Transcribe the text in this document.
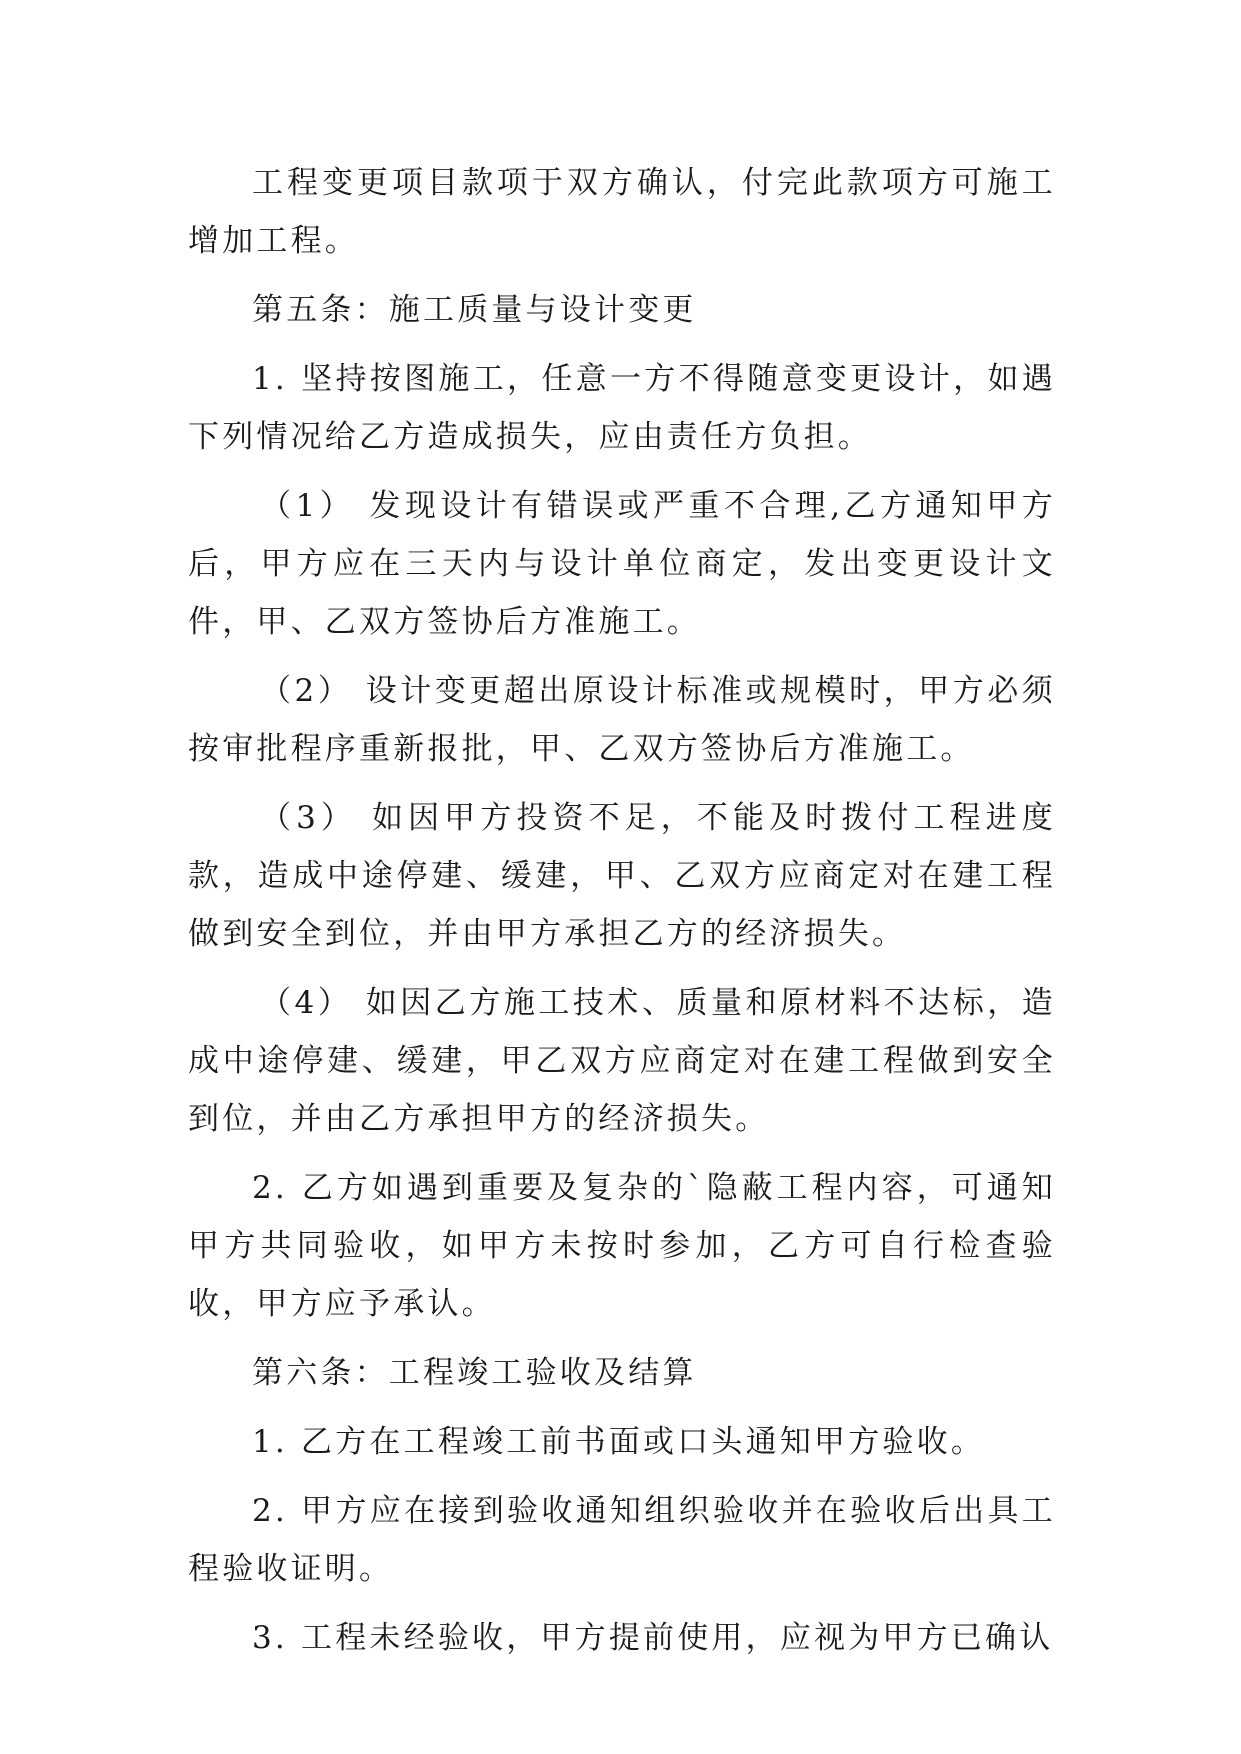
工程变更项目款项于双方确认，付完此款项方可施工增加工程。

第五条：施工质量与设计变更

1. 坚持按图施工，任意一方不得随意变更设计，如遇下列情况给乙方造成损失，应由责任方负担。

（1） 发现设计有错误或严重不合理,乙方通知甲方后，甲方应在三天内与设计单位商定，发出变更设计文件，甲、乙双方签协后方准施工。

（2） 设计变更超出原设计标准或规模时，甲方必须按审批程序重新报批，甲、乙双方签协后方准施工。

（3） 如因甲方投资不足，不能及时拨付工程进度款，造成中途停建、缓建，甲、乙双方应商定对在建工程做到安全到位，并由甲方承担乙方的经济损失。

（4） 如因乙方施工技术、质量和原材料不达标，造成中途停建、缓建，甲乙双方应商定对在建工程做到安全到位，并由乙方承担甲方的经济损失。

2. 乙方如遇到重要及复杂的`隐蔽工程内容，可通知甲方共同验收，如甲方未按时参加，乙方可自行检查验收，甲方应予承认。

第六条：工程竣工验收及结算

1. 乙方在工程竣工前书面或口头通知甲方验收。

2. 甲方应在接到验收通知组织验收并在验收后出具工程验收证明。

3. 工程未经验收，甲方提前使用，应视为甲方已确认
